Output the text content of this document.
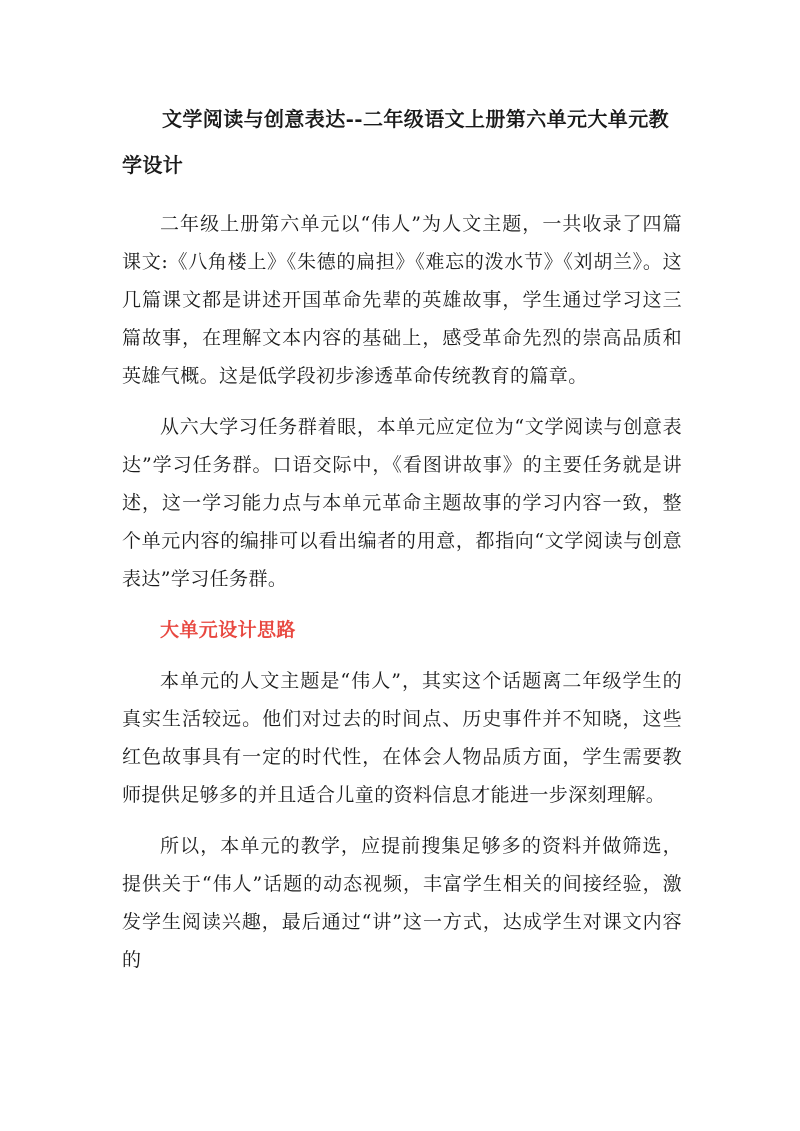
文学阅读与创意表达--二年级语文上册第六单元大单元教学设计

二年级上册第六单元以“伟人”为人文主题，一共收录了四篇课文:《八角楼上》《朱德的扁担》《难忘的泼水节》《刘胡兰》。这几篇课文都是讲述开国革命先辈的英雄故事，学生通过学习这三篇故事，在理解文本内容的基础上，感受革命先烈的崇高品质和英雄气概。这是低学段初步渗透革命传统教育的篇章。

从六大学习任务群着眼，本单元应定位为“文学阅读与创意表达”学习任务群。口语交际中，《看图讲故事》的主要任务就是讲述，这一学习能力点与本单元革命主题故事的学习内容一致，整个单元内容的编排可以看出编者的用意，都指向“文学阅读与创意表达”学习任务群。

大单元设计思路

本单元的人文主题是“伟人”，其实这个话题离二年级学生的真实生活较远。他们对过去的时间点、历史事件并不知晓，这些红色故事具有一定的时代性，在体会人物品质方面，学生需要教师提供足够多的并且适合儿童的资料信息才能进一步深刻理解。

所以，本单元的教学，应提前搜集足够多的资料并做筛选，提供关于“伟人”话题的动态视频，丰富学生相关的间接经验，激发学生阅读兴趣，最后通过“讲”这一方式，达成学生对课文内容的
